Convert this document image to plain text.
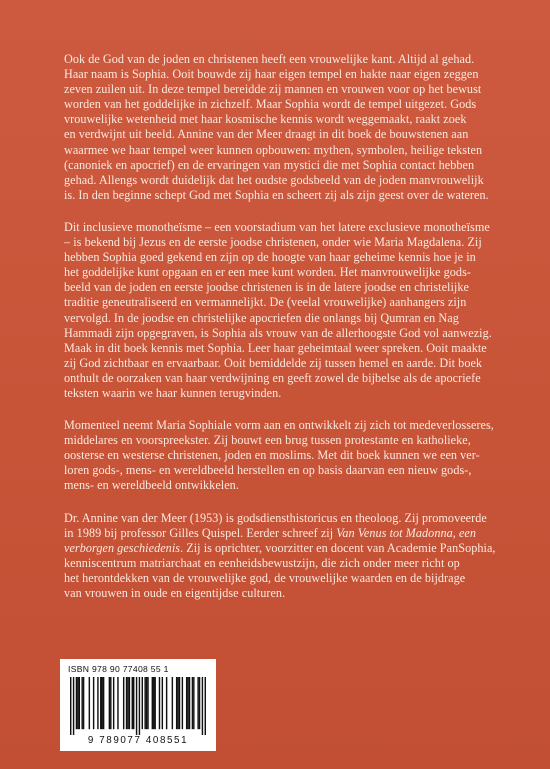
Ook de God van de joden en christenen heeft een vrouwelijke kant. Altijd al gehad.
Haar naam is Sophia. Ooit bouwde zij haar eigen tempel en hakte naar eigen zeggen
zeven zuilen uit. In deze tempel bereidde zij mannen en vrouwen voor op het bewust
worden van het goddelijke in zichzelf. Maar Sophia wordt de tempel uitgezet. Gods
vrouwelijke wetenheid met haar kosmische kennis wordt weggemaakt, raakt zoek
en verdwijnt uit beeld. Annine van der Meer draagt in dit boek de bouwstenen aan
waarmee we haar tempel weer kunnen opbouwen: mythen, symbolen, heilige teksten
(canoniek en apocrief) en de ervaringen van mystici die met Sophia contact hebben
gehad. Allengs wordt duidelijk dat het oudste godsbeeld van de joden manvrouwelijk
is. In den beginne schept God met Sophia en scheert zij als zijn geest over de wateren.

Dit inclusieve monotheïsme – een voorstadium van het latere exclusieve monotheïsme
– is bekend bij Jezus en de eerste joodse christenen, onder wie Maria Magdalena. Zij
hebben Sophia goed gekend en zijn op de hoogte van haar geheime kennis hoe je in
het goddelijke kunt opgaan en er een mee kunt worden. Het manvrouwelijke gods-
beeld van de joden en eerste joodse christenen is in de latere joodse en christelijke
traditie geneutraliseerd en vermannelijkt. De (veelal vrouwelijke) aanhangers zijn
vervolgd. In de joodse en christelijke apocriefen die onlangs bij Qumran en Nag
Hammadi zijn opgegraven, is Sophia als vrouw van de allerhoogste God vol aanwezig.
Maak in dit boek kennis met Sophia. Leer haar geheimtaal weer spreken. Ooit maakte
zij God zichtbaar en ervaarbaar. Ooit bemiddelde zij tussen hemel en aarde. Dit boek
onthult de oorzaken van haar verdwijning en geeft zowel de bijbelse als de apocriefe
teksten waarin we haar kunnen terugvinden.

Momenteel neemt Maria Sophiale vorm aan en ontwikkelt zij zich tot medeverlosseres,
middelares en voorspreekster. Zij bouwt een brug tussen protestante en katholieke,
oosterse en westerse christenen, joden en moslims. Met dit boek kunnen we een ver-
loren gods-, mens- en wereldbeeld herstellen en op basis daarvan een nieuw gods-,
mens- en wereldbeeld ontwikkelen.

Dr. Annine van der Meer (1953) is godsdiensthistoricus en theoloog. Zij promoveerde
in 1989 bij professor Gilles Quispel. Eerder schreef zij Van Venus tot Madonna, een
verborgen geschiedenis. Zij is oprichter, voorzitter en docent van Academie PanSophia,
kenniscentrum matriarchaat en eenheidsbewustzijn, die zich onder meer richt op
het herontdekken van de vrouwelijke god, de vrouwelijke waarden en de bijdrage
van vrouwen in oude en eigentijdse culturen.

ISBN 978 90 77408 55 1
9 789077 408551
